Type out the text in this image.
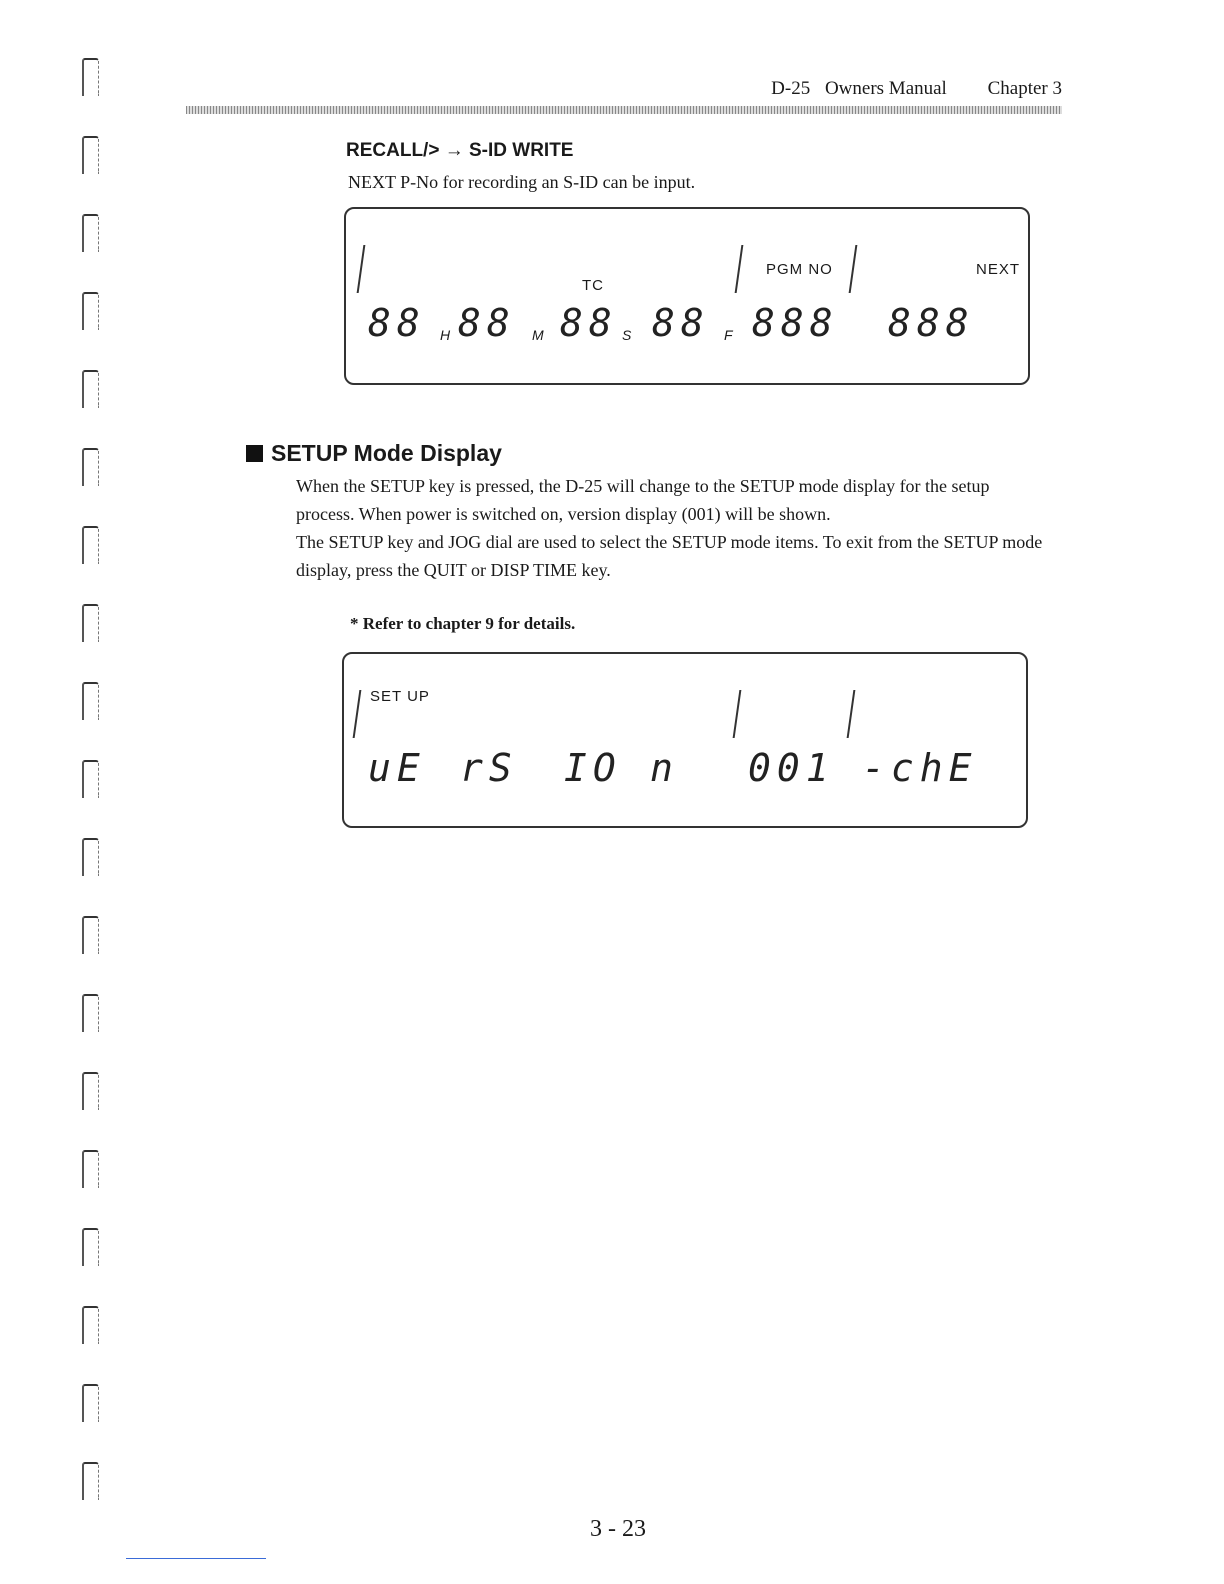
D-25 Owners Manual Chapter 3
RECALL/> → S-ID WRITE
NEXT P-No for recording an S-ID can be input.
TC
PGM NO	NEXT
88 H 88 M 88 S 88 F 888 888
SETUP Mode Display
When the SETUP key is pressed, the D-25 will change to the SETUP mode display for the setup
process. When power is switched on, version display (001) will be shown.
The SETUP key and JOG dial are used to select the SETUP mode items. To exit from the SETUP mode
display, press the QUIT or DISP TIME key.
* Refer to chapter 9 for details.
SET UP
uE rS IO n 001 -chE
3 - 23
